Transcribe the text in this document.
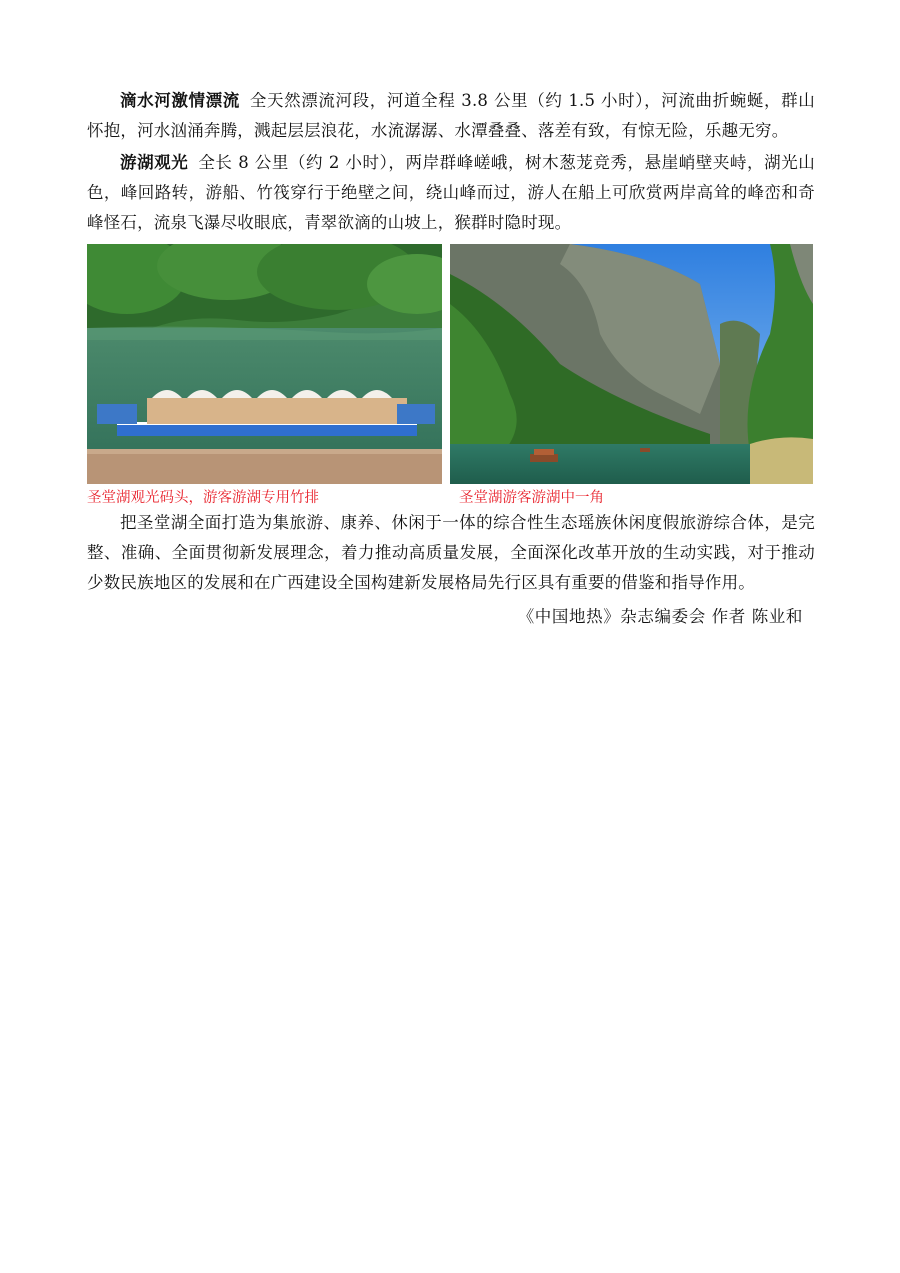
滴水河激情漂流 全天然漂流河段，河道全程 3.8 公里（约 1.5 小时），河流曲折蜿蜒，群山怀抱，河水汹涌奔腾，溅起层层浪花，水流潺潺、水潭叠叠、落差有致，有惊无险，乐趣无穷。

游湖观光 全长 8 公里（约 2 小时），两岸群峰嵯峨，树木葱茏竞秀，悬崖峭壁夹峙，湖光山色，峰回路转，游船、竹筏穿行于绝壁之间，绕山峰而过，游人在船上可欣赏两岸高耸的峰峦和奇峰怪石，流泉飞瀑尽收眼底，青翠欲滴的山坡上，猴群时隐时现。

圣堂湖观光码头，游客游湖专用竹排	圣堂湖游客游湖中一角

把圣堂湖全面打造为集旅游、康养、休闲于一体的综合性生态瑶族休闲度假旅游综合体，是完整、准确、全面贯彻新发展理念，着力推动高质量发展，全面深化改革开放的生动实践，对于推动少数民族地区的发展和在广西建设全国构建新发展格局先行区具有重要的借鉴和指导作用。

《中国地热》杂志编委会 作者 陈业和
